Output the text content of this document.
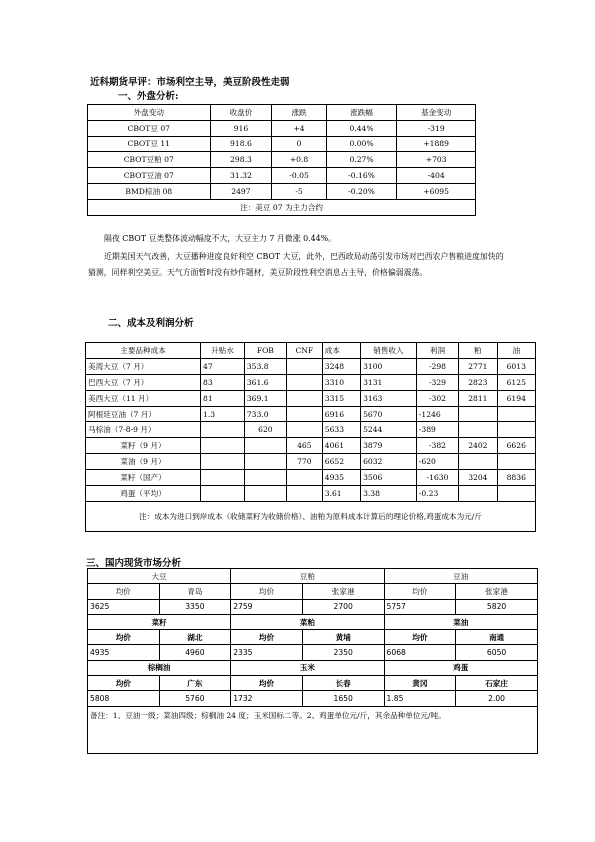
近科期货早评：市场利空主导，美豆阶段性走弱
一、外盘分析:
外盘变动	收盘价	涨跌	涨跌幅	基金变动
CBOT豆 07	916	+4	0.44%	-319
CBOT豆 11	918.6	0	0.00%	+1889
CBOT豆粕 07	298.3	+0.8	0.27%	+703
CBOT豆油 07	31.32	-0.05	-0.16%	-404
BMD棕油 08	2497	-5	-0.20%	+6095
注：美豆 07 为主力合约				
隔夜 CBOT 豆类整体波动幅度不大，大豆主力 7 月微涨 0.44%。
近期美国天气改善，大豆播种进度良好利空 CBOT 大豆，此外，巴西政局动荡引发市场对巴西农户售粮进度加快的猜测，同样利空美豆。天气方面暂时没有炒作题材，美豆阶段性利空消息占主导，价格偏弱震荡。
二、成本及利润分析
主要品种成本	升贴水	FOB	CNF	成本	销售收入	利润	粕	油
美湾大豆（7 月）	47	353.8		3248	3100	-298	2771	6013
巴西大豆（7 月）	83	361.6		3310	3131	-329	2823	6125
美西大豆（11 月）	81	369.1		3315	3163	-302	2811	6194
阿根廷豆油（7 月）	1.3	733.0		6916	5670	-1246		
马棕油（7-8-9 月）		620		5633	5244	-389		
菜籽（9 月）			465	4061	3879	-382	2402	6626
菜油（9 月）			770	6652	6032	-620		
菜籽（国产）				4935	3506	-1630	3204	8836
鸡蛋（平均）				3.61	3.38	-0.23		
注：成本为进口到岸成本（收储菜籽为收储价格）、油粕为原料成本计算后的理论价格,鸡蛋成本为元/斤								
三、国内现货市场分析
大豆		豆粕		豆油	
均价	青岛	均价	张家港	均价	张家港
3625	3350	2759	2700	5757	5820
菜籽		菜粕		菜油	
均价	湖北	均价	黄埔	均价	南通
4935	4960	2335	2350	6068	6050
棕榈油		玉米		鸡蛋	
均价	广东	均价	长春	黄冈	石家庄
5808	5760	1732	1650	1.85	2.00
备注：1、豆油一级；菜油四级；棕榈油 24 度；玉米国标二等。2、鸡蛋单位元/斤，其余品种单位元/吨。					
